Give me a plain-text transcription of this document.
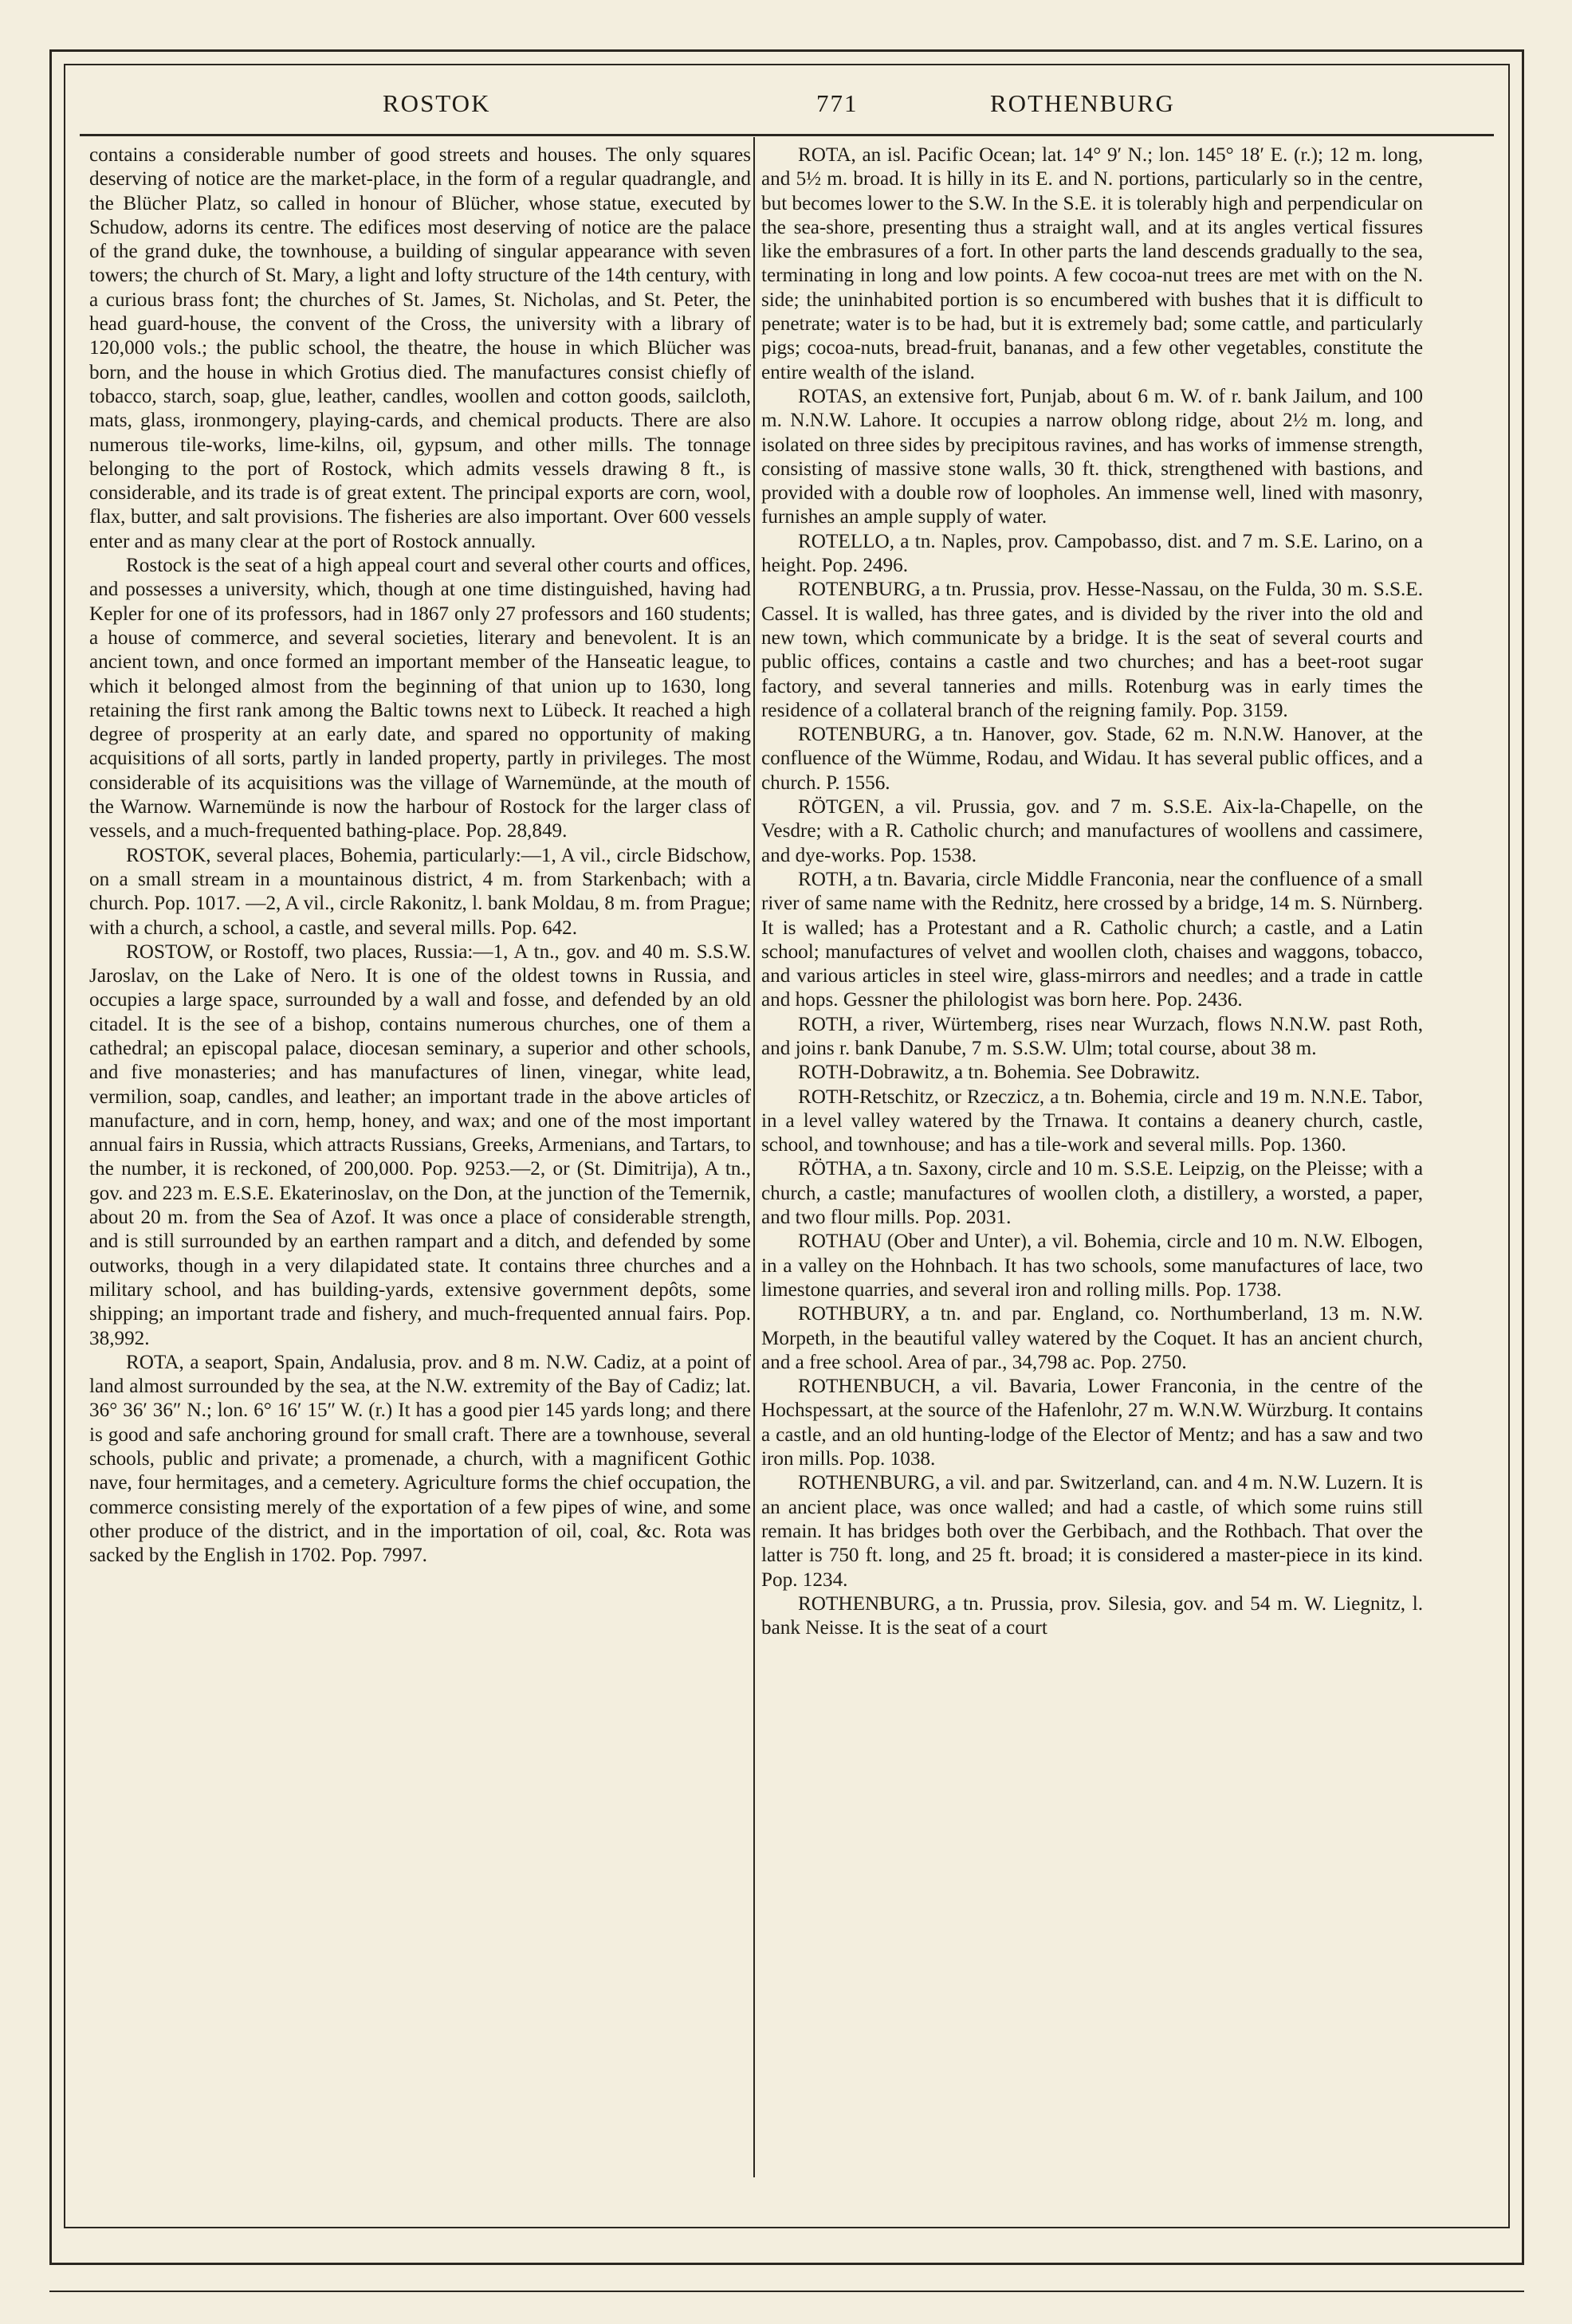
ROSTOK	771	ROTHENBURG

contains a considerable number of good streets and houses. The only squares deserving of notice are the market-place, in the form of a regular quadrangle, and the Blücher Platz, so called in honour of Blücher, whose statue, executed by Schudow, adorns its centre. The edifices most deserving of notice are the palace of the grand duke, the townhouse, a building of singular appearance with seven towers; the church of St. Mary, a light and lofty structure of the 14th century, with a curious brass font; the churches of St. James, St. Nicholas, and St. Peter, the head guard-house, the convent of the Cross, the university with a library of 120,000 vols.; the public school, the theatre, the house in which Blücher was born, and the house in which Grotius died. The manufactures consist chiefly of tobacco, starch, soap, glue, leather, candles, woollen and cotton goods, sailcloth, mats, glass, ironmongery, playing-cards, and chemical products. There are also numerous tile-works, lime-kilns, oil, gypsum, and other mills. The tonnage belonging to the port of Rostock, which admits vessels drawing 8 ft., is considerable, and its trade is of great extent. The principal exports are corn, wool, flax, butter, and salt provisions. The fisheries are also important. Over 600 vessels enter and as many clear at the port of Rostock annually.

Rostock is the seat of a high appeal court and several other courts and offices, and possesses a university, which, though at one time distinguished, having had Kepler for one of its professors, had in 1867 only 27 professors and 160 students; a house of commerce, and several societies, literary and benevolent. It is an ancient town, and once formed an important member of the Hanseatic league, to which it belonged almost from the beginning of that union up to 1630, long retaining the first rank among the Baltic towns next to Lübeck. It reached a high degree of prosperity at an early date, and spared no opportunity of making acquisitions of all sorts, partly in landed property, partly in privileges. The most considerable of its acquisitions was the village of Warnemünde, at the mouth of the Warnow. Warnemünde is now the harbour of Rostock for the larger class of vessels, and a much-frequented bathing-place. Pop. 28,849.

ROSTOK, several places, Bohemia, particularly:—1, A vil., circle Bidschow, on a small stream in a mountainous district, 4 m. from Starkenbach; with a church. Pop. 1017. —2, A vil., circle Rakonitz, l. bank Moldau, 8 m. from Prague; with a church, a school, a castle, and several mills. Pop. 642.

ROSTOW, or Rostoff, two places, Russia:—1, A tn., gov. and 40 m. S.S.W. Jaroslav, on the Lake of Nero. It is one of the oldest towns in Russia, and occupies a large space, surrounded by a wall and fosse, and defended by an old citadel. It is the see of a bishop, contains numerous churches, one of them a cathedral; an episcopal palace, diocesan seminary, a superior and other schools, and five monasteries; and has manufactures of linen, vinegar, white lead, vermilion, soap, candles, and leather; an important trade in the above articles of manufacture, and in corn, hemp, honey, and wax; and one of the most important annual fairs in Russia, which attracts Russians, Greeks, Armenians, and Tartars, to the number, it is reckoned, of 200,000. Pop. 9253.—2, or (St. Dimitrija), A tn., gov. and 223 m. E.S.E. Ekaterinoslav, on the Don, at the junction of the Temernik, about 20 m. from the Sea of Azof. It was once a place of considerable strength, and is still surrounded by an earthen rampart and a ditch, and defended by some outworks, though in a very dilapidated state. It contains three churches and a military school, and has building-yards, extensive government depôts, some shipping; an important trade and fishery, and much-frequented annual fairs. Pop. 38,992.

ROTA, a seaport, Spain, Andalusia, prov. and 8 m. N.W. Cadiz, at a point of land almost surrounded by the sea, at the N.W. extremity of the Bay of Cadiz; lat. 36° 36′ 36″ N.; lon. 6° 16′ 15″ W. (r.) It has a good pier 145 yards long; and there is good and safe anchoring ground for small craft. There are a townhouse, several schools, public and private; a promenade, a church, with a magnificent Gothic nave, four hermitages, and a cemetery. Agriculture forms the chief occupation, the commerce consisting merely of the exportation of a few pipes of wine, and some other produce of the district, and in the importation of oil, coal, &c. Rota was sacked by the English in 1702. Pop. 7997.

ROTA, an isl. Pacific Ocean; lat. 14° 9′ N.; lon. 145° 18′ E. (r.); 12 m. long, and 5½ m. broad. It is hilly in its E. and N. portions, particularly so in the centre, but becomes lower to the S.W. In the S.E. it is tolerably high and perpendicular on the sea-shore, presenting thus a straight wall, and at its angles vertical fissures like the embrasures of a fort. In other parts the land descends gradually to the sea, terminating in long and low points. A few cocoa-nut trees are met with on the N. side; the uninhabited portion is so encumbered with bushes that it is difficult to penetrate; water is to be had, but it is extremely bad; some cattle, and particularly pigs; cocoa-nuts, bread-fruit, bananas, and a few other vegetables, constitute the entire wealth of the island.

ROTAS, an extensive fort, Punjab, about 6 m. W. of r. bank Jailum, and 100 m. N.N.W. Lahore. It occupies a narrow oblong ridge, about 2½ m. long, and isolated on three sides by precipitous ravines, and has works of immense strength, consisting of massive stone walls, 30 ft. thick, strengthened with bastions, and provided with a double row of loopholes. An immense well, lined with masonry, furnishes an ample supply of water.

ROTELLO, a tn. Naples, prov. Campobasso, dist. and 7 m. S.E. Larino, on a height. Pop. 2496.

ROTENBURG, a tn. Prussia, prov. Hesse-Nassau, on the Fulda, 30 m. S.S.E. Cassel. It is walled, has three gates, and is divided by the river into the old and new town, which communicate by a bridge. It is the seat of several courts and public offices, contains a castle and two churches; and has a beet-root sugar factory, and several tanneries and mills. Rotenburg was in early times the residence of a collateral branch of the reigning family. Pop. 3159.

ROTENBURG, a tn. Hanover, gov. Stade, 62 m. N.N.W. Hanover, at the confluence of the Wümme, Rodau, and Widau. It has several public offices, and a church. P. 1556.

RÖTGEN, a vil. Prussia, gov. and 7 m. S.S.E. Aix-la-Chapelle, on the Vesdre; with a R. Catholic church; and manufactures of woollens and cassimere, and dye-works. Pop. 1538.

ROTH, a tn. Bavaria, circle Middle Franconia, near the confluence of a small river of same name with the Rednitz, here crossed by a bridge, 14 m. S. Nürnberg. It is walled; has a Protestant and a R. Catholic church; a castle, and a Latin school; manufactures of velvet and woollen cloth, chaises and waggons, tobacco, and various articles in steel wire, glass-mirrors and needles; and a trade in cattle and hops. Gessner the philologist was born here. Pop. 2436.

ROTH, a river, Würtemberg, rises near Wurzach, flows N.N.W. past Roth, and joins r. bank Danube, 7 m. S.S.W. Ulm; total course, about 38 m.

ROTH-Dobrawitz, a tn. Bohemia. See Dobrawitz.

ROTH-Retschitz, or Rzeczicz, a tn. Bohemia, circle and 19 m. N.N.E. Tabor, in a level valley watered by the Trnawa. It contains a deanery church, castle, school, and townhouse; and has a tile-work and several mills. Pop. 1360.

RÖTHA, a tn. Saxony, circle and 10 m. S.S.E. Leipzig, on the Pleisse; with a church, a castle; manufactures of woollen cloth, a distillery, a worsted, a paper, and two flour mills. Pop. 2031.

ROTHAU (Ober and Unter), a vil. Bohemia, circle and 10 m. N.W. Elbogen, in a valley on the Hohnbach. It has two schools, some manufactures of lace, two limestone quarries, and several iron and rolling mills. Pop. 1738.

ROTHBURY, a tn. and par. England, co. Northumberland, 13 m. N.W. Morpeth, in the beautiful valley watered by the Coquet. It has an ancient church, and a free school. Area of par., 34,798 ac. Pop. 2750.

ROTHENBUCH, a vil. Bavaria, Lower Franconia, in the centre of the Hochspessart, at the source of the Hafenlohr, 27 m. W.N.W. Würzburg. It contains a castle, and an old hunting-lodge of the Elector of Mentz; and has a saw and two iron mills. Pop. 1038.

ROTHENBURG, a vil. and par. Switzerland, can. and 4 m. N.W. Luzern. It is an ancient place, was once walled; and had a castle, of which some ruins still remain. It has bridges both over the Gerbibach, and the Rothbach. That over the latter is 750 ft. long, and 25 ft. broad; it is considered a master-piece in its kind. Pop. 1234.

ROTHENBURG, a tn. Prussia, prov. Silesia, gov. and 54 m. W. Liegnitz, l. bank Neisse. It is the seat of a court
